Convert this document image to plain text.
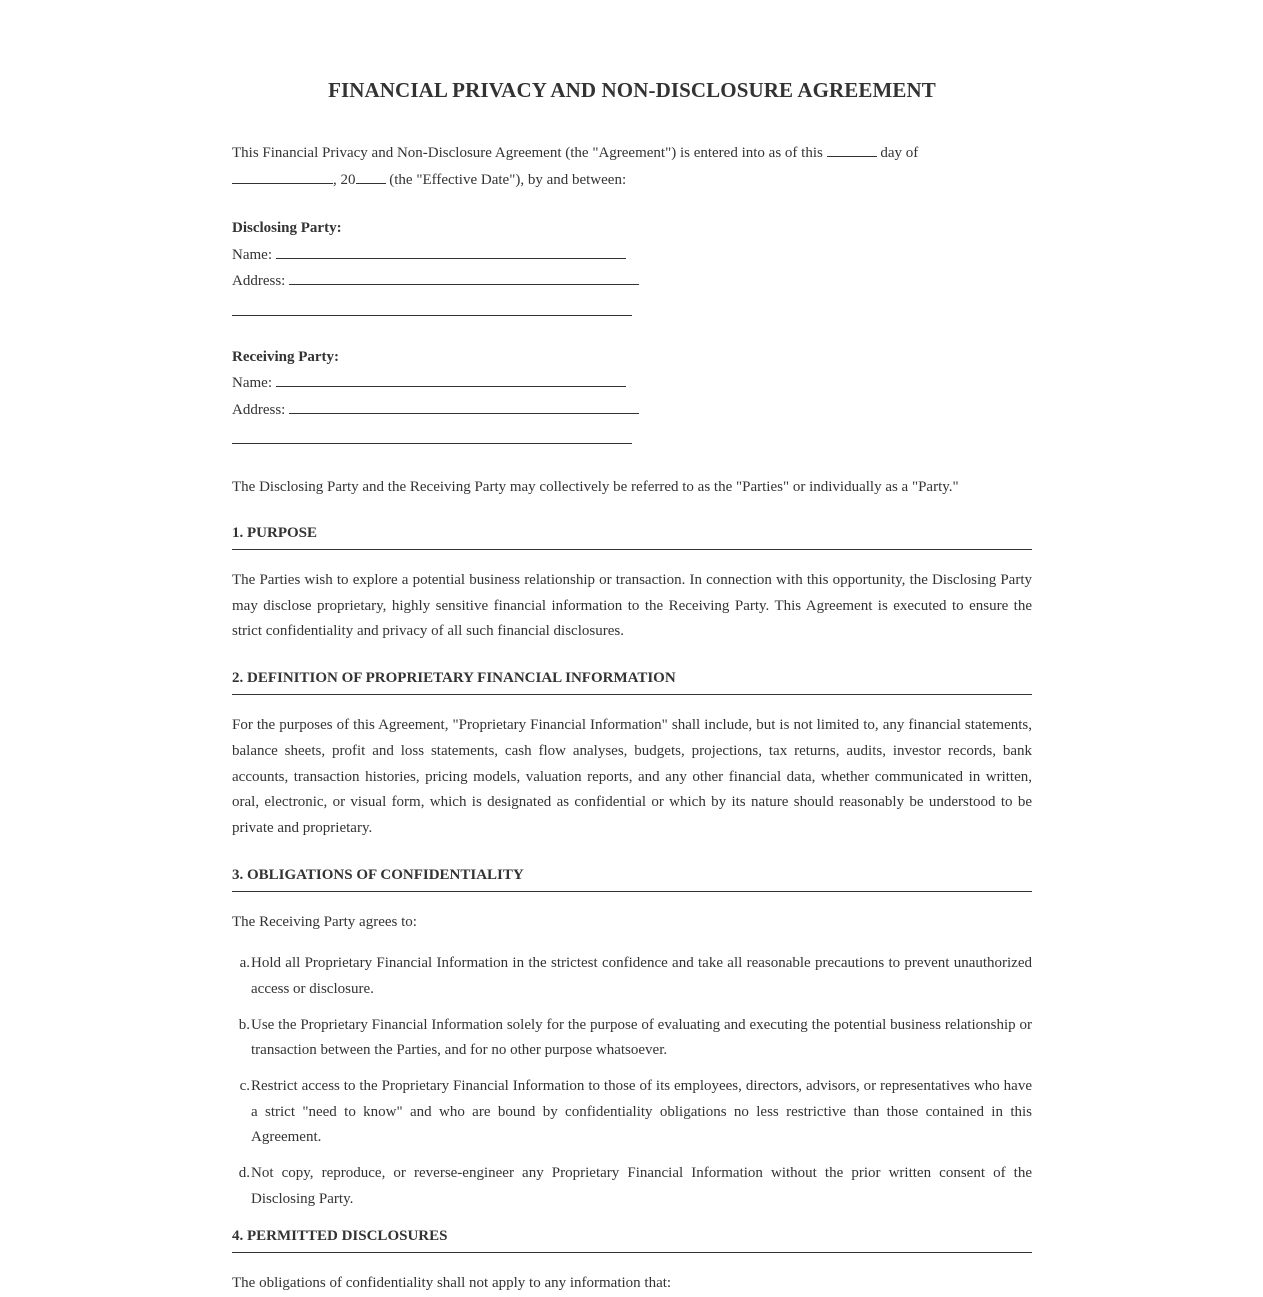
FINANCIAL PRIVACY AND NON-DISCLOSURE AGREEMENT

This Financial Privacy and Non-Disclosure Agreement (the "Agreement") is entered into as of this	day of
, 20 (the "Effective Date"), by and between:

Disclosing Party:
Name:
Address:
Receiving Party:
Name:
Address:

The Disclosing Party and the Receiving Party may collectively be referred to as the "Parties" or individually as a "Party."

1. PURPOSE

The Parties wish to explore a potential business relationship or transaction. In connection with this opportunity, the Disclosing Party may disclose proprietary, highly sensitive financial information to the Receiving Party. This Agreement is executed to ensure the strict confidentiality and privacy of all such financial disclosures.

2. DEFINITION OF PROPRIETARY FINANCIAL INFORMATION

For the purposes of this Agreement, "Proprietary Financial Information" shall include, but is not limited to, any financial statements, balance sheets, profit and loss statements, cash flow analyses, budgets, projections, tax returns, audits, investor records, bank accounts, transaction histories, pricing models, valuation reports, and any other financial data, whether communicated in written, oral, electronic, or visual form, which is designated as confidential or which by its nature should reasonably be understood to be private and proprietary.

3. OBLIGATIONS OF CONFIDENTIALITY

The Receiving Party agrees to:

a. Hold all Proprietary Financial Information in the strictest confidence and take all reasonable precautions to prevent unauthorized access or disclosure.
b. Use the Proprietary Financial Information solely for the purpose of evaluating and executing the potential business relationship or transaction between the Parties, and for no other purpose whatsoever.
c. Restrict access to the Proprietary Financial Information to those of its employees, directors, advisors, or representatives who have a strict "need to know" and who are bound by confidentiality obligations no less restrictive than those contained in this Agreement.
d. Not copy, reproduce, or reverse-engineer any Proprietary Financial Information without the prior written consent of the Disclosing Party.
4. PERMITTED DISCLOSURES

The obligations of confidentiality shall not apply to any information that:
